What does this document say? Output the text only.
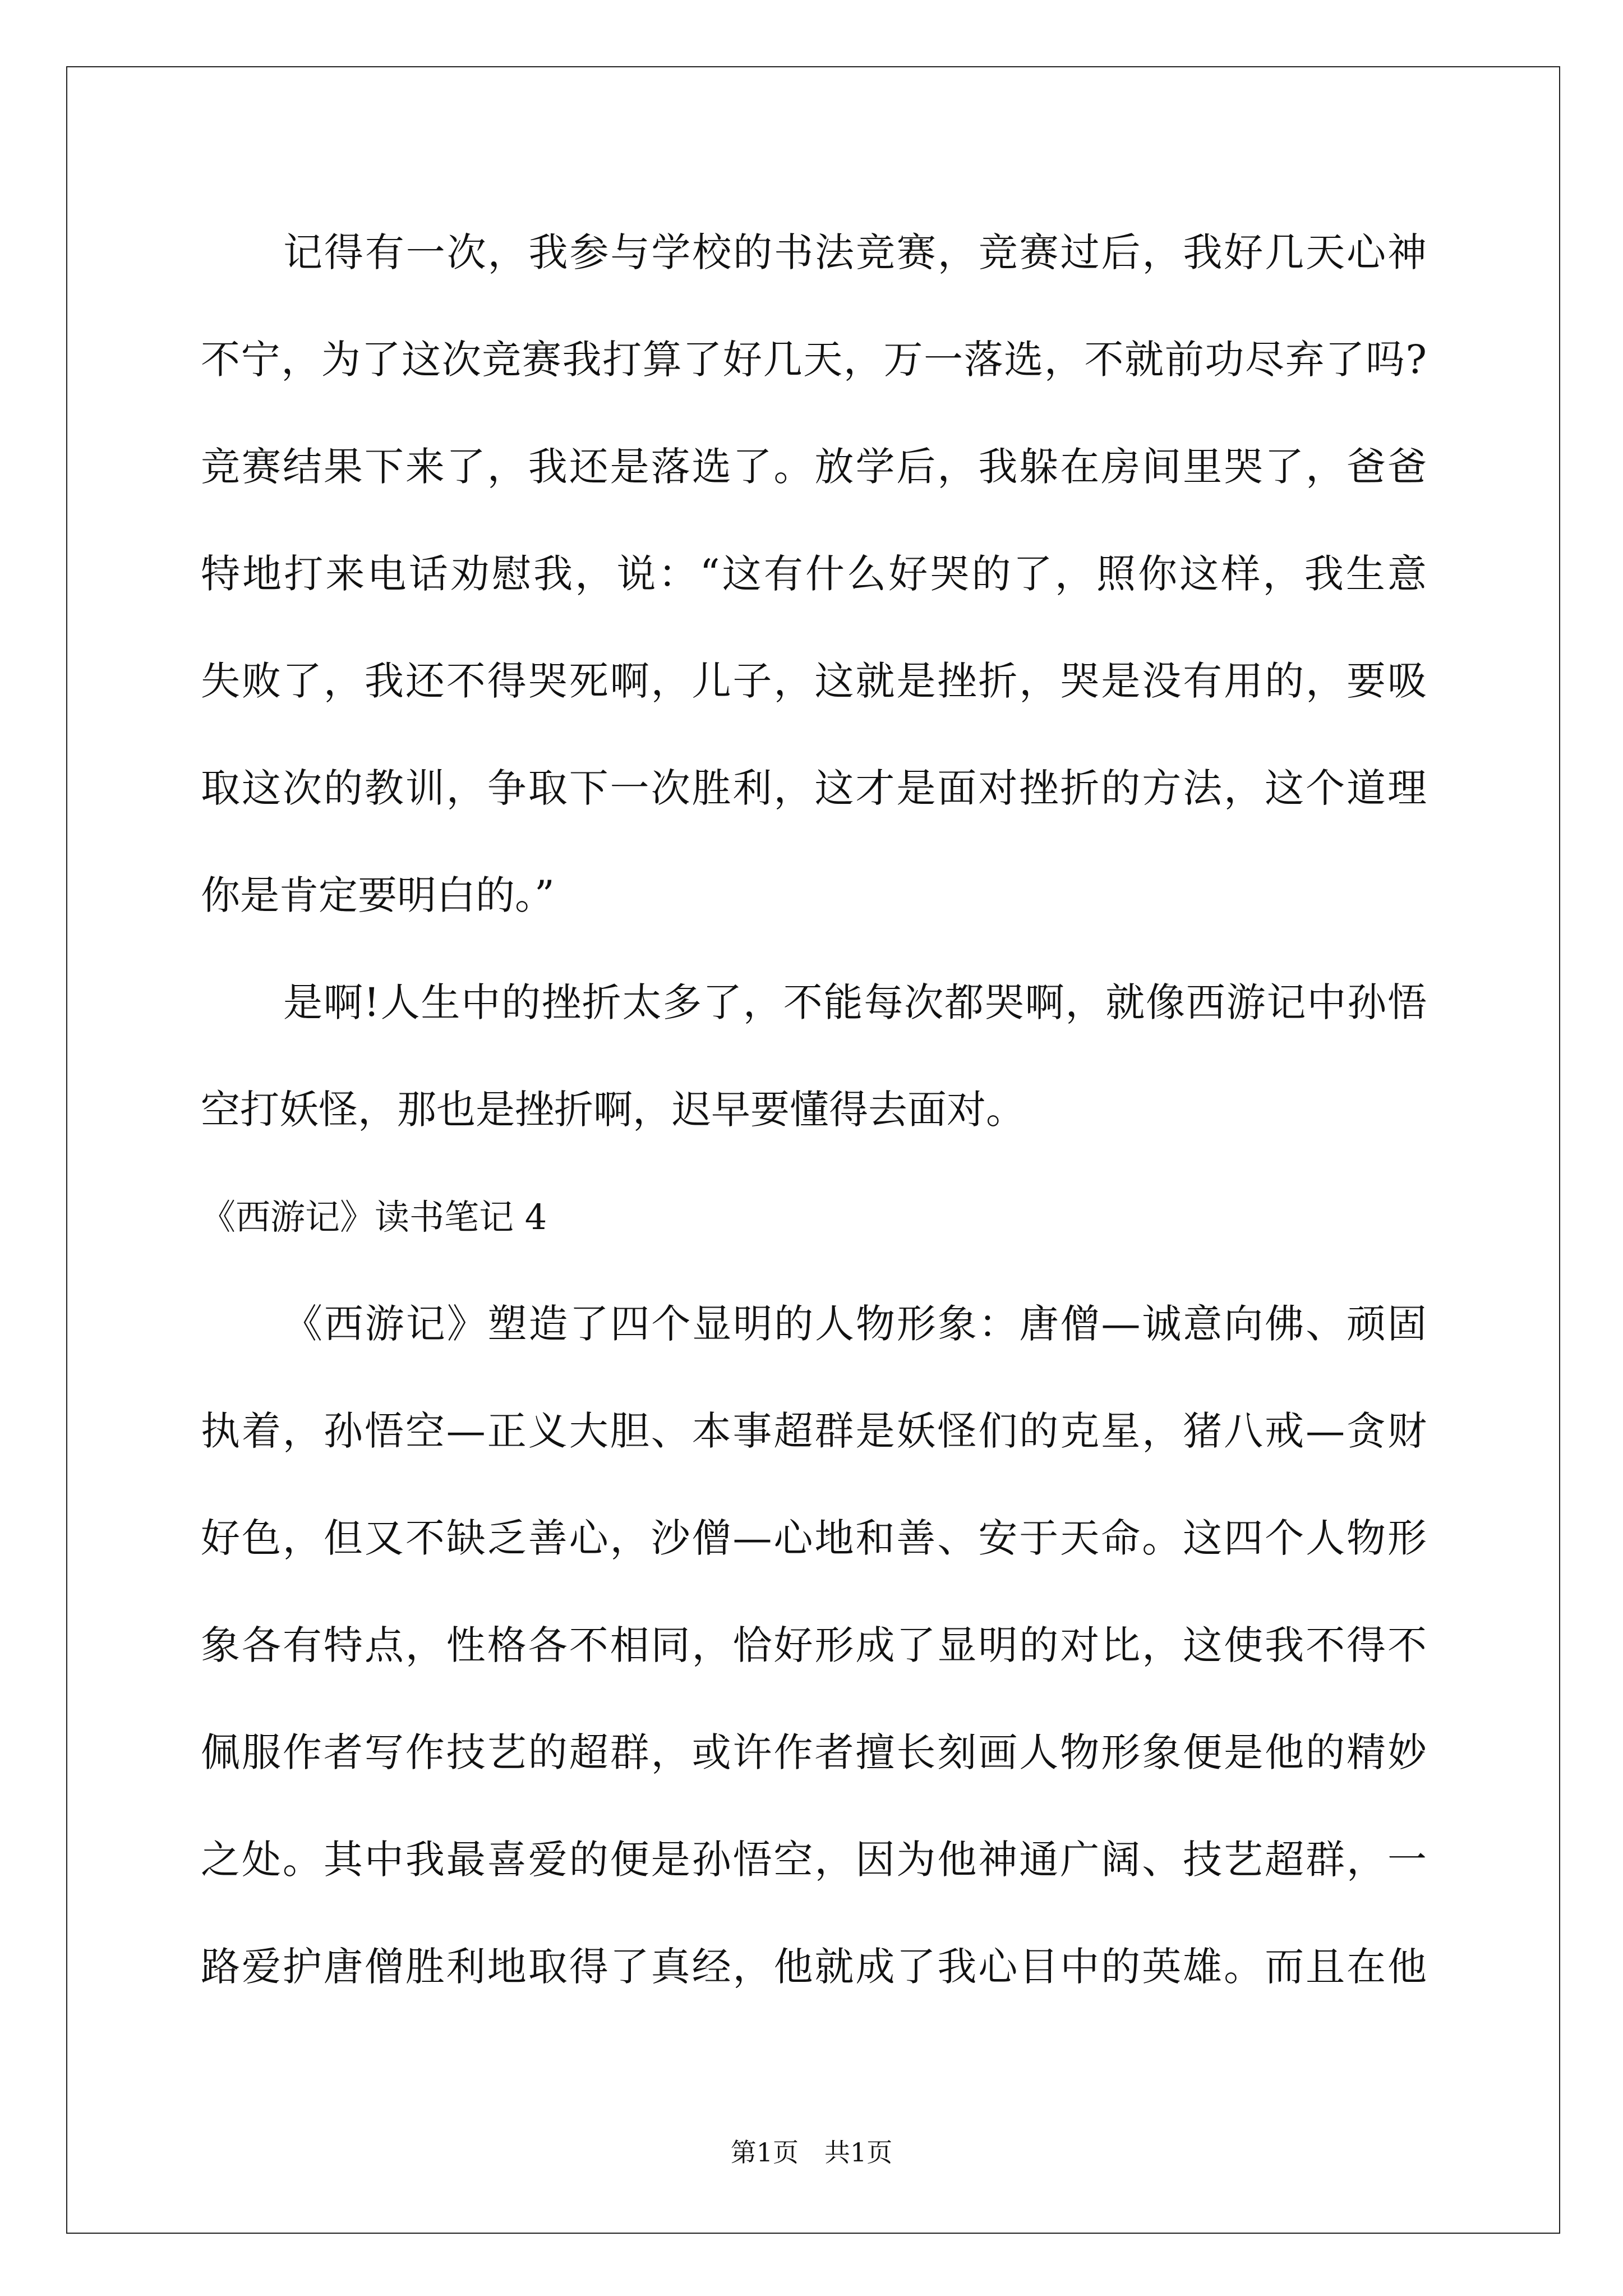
记得有一次，我参与学校的书法竞赛，竞赛过后，我好几天心神
不宁，为了这次竞赛我打算了好几天，万一落选，不就前功尽弃了吗?
竞赛结果下来了，我还是落选了。放学后，我躲在房间里哭了，爸爸
特地打来电话劝慰我，说：“这有什么好哭的了，照你这样，我生意
失败了，我还不得哭死啊，儿子，这就是挫折，哭是没有用的，要吸
取这次的教训，争取下一次胜利，这才是面对挫折的方法，这个道理
你是肯定要明白的。”
是啊!人生中的挫折太多了，不能每次都哭啊，就像西游记中孙悟
空打妖怪，那也是挫折啊，迟早要懂得去面对。
《西游记》读书笔记 4
《西游记》塑造了四个显明的人物形象：唐僧—诚意向佛、顽固
执着，孙悟空—正义大胆、本事超群是妖怪们的克星，猪八戒—贪财
好色，但又不缺乏善心，沙僧—心地和善、安于天命。这四个人物形
象各有特点，性格各不相同，恰好形成了显明的对比，这使我不得不
佩服作者写作技艺的超群，或许作者擅长刻画人物形象便是他的精妙
之处。其中我最喜爱的便是孙悟空，因为他神通广阔、技艺超群，一
路爱护唐僧胜利地取得了真经，他就成了我心目中的英雄。而且在他
第1页　共1页
